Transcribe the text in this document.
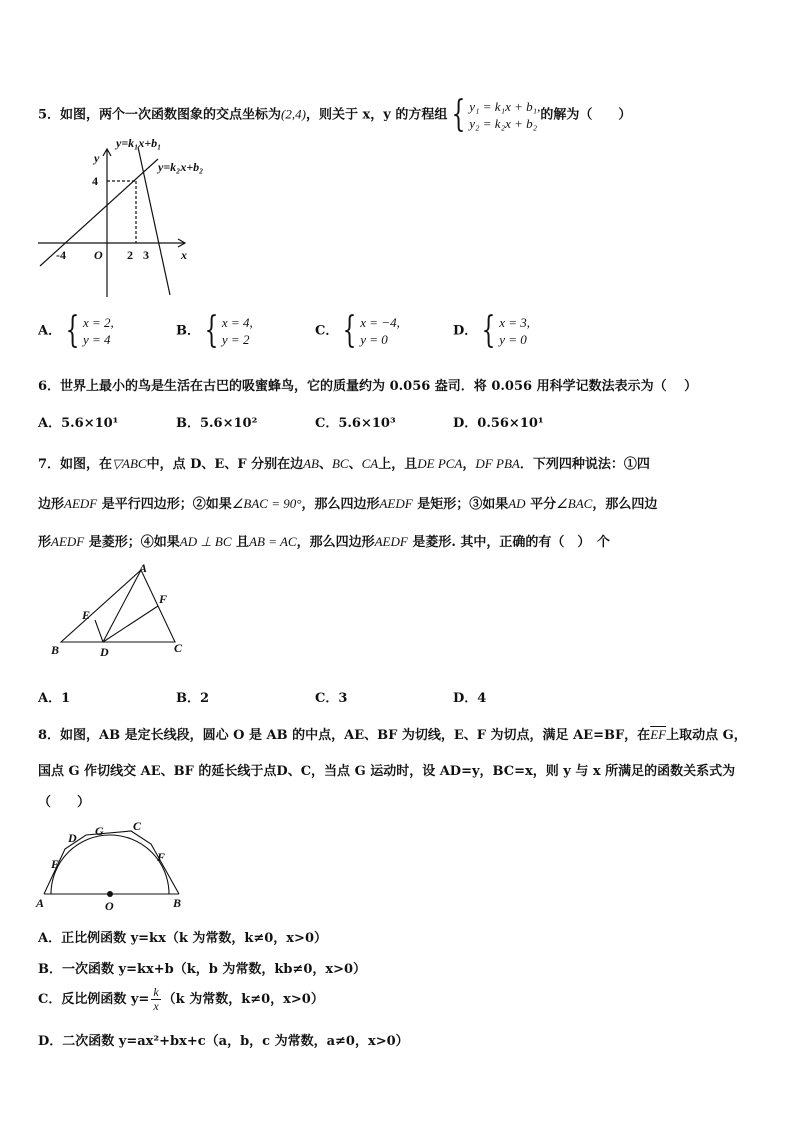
5．如图，两个一次函数图象的交点坐标为(2,4)，则关于 x，y 的方程组 { y₁ = k₁x + b₁,
y₂ = k₂x + b₂
的解为（　　）
y=k₁x+b₁
y=k₂x+b₂
y
x
O
4
-4	2 3
A． { x = 2,
y = 4
B． { x = 4,
y = 2
C． { x = −4,
y = 0
D． { x = 3,
y = 0
6．世界上最小的鸟是生活在古巴的吸蜜蜂鸟，它的质量约为 0.056 盎司．将 0.056 用科学记数法表示为（　 ）
A．5.6×10¹	B．5.6×10²	C．5.6×10³	D．0.56×10¹
7．如图，在▽ABC中，点 D、E、F 分别在边AB、BC、CA上，且DE PCA，DF PBA．下列四种说法：①四
边形AEDF 是平行四边形；②如果∠BAC = 90°，那么四边形AEDF 是矩形；③如果AD 平分∠BAC，那么四边
形AEDF 是菱形；④如果AD ⊥ BC 且AB = AC，那么四边形AEDF 是菱形. 其中，正确的有（　）　个
A
B	C
D
E
F
A．1	B．2	C．3	D．4
8．如图，AB 是定长线段，圆心 O 是 AB 的中点，AE、BF 为切线，E、F 为切点，满足 AE=BF，在$\overline{EF}$上取动点 G，
国点 G 作切线交 AE、BF 的延长线于点D、C，当点 G 运动时，设 AD=y，BC=x，则 y 与 x 所满足的函数关系式为
（　　）
A	B
C
D
E	F
G
O
A．正比例函数 y=kx（k 为常数，k≠0，x>0）
B．一次函数 y=kx+b（k，b 为常数，kb≠0，x>0）
C．反比例函数 $y= \frac{k}{x} (k$ 为常数，k≠0，x>0）
D．二次函数 y=ax²+bx+c（a，b，c 为常数，a≠0，x>0）
